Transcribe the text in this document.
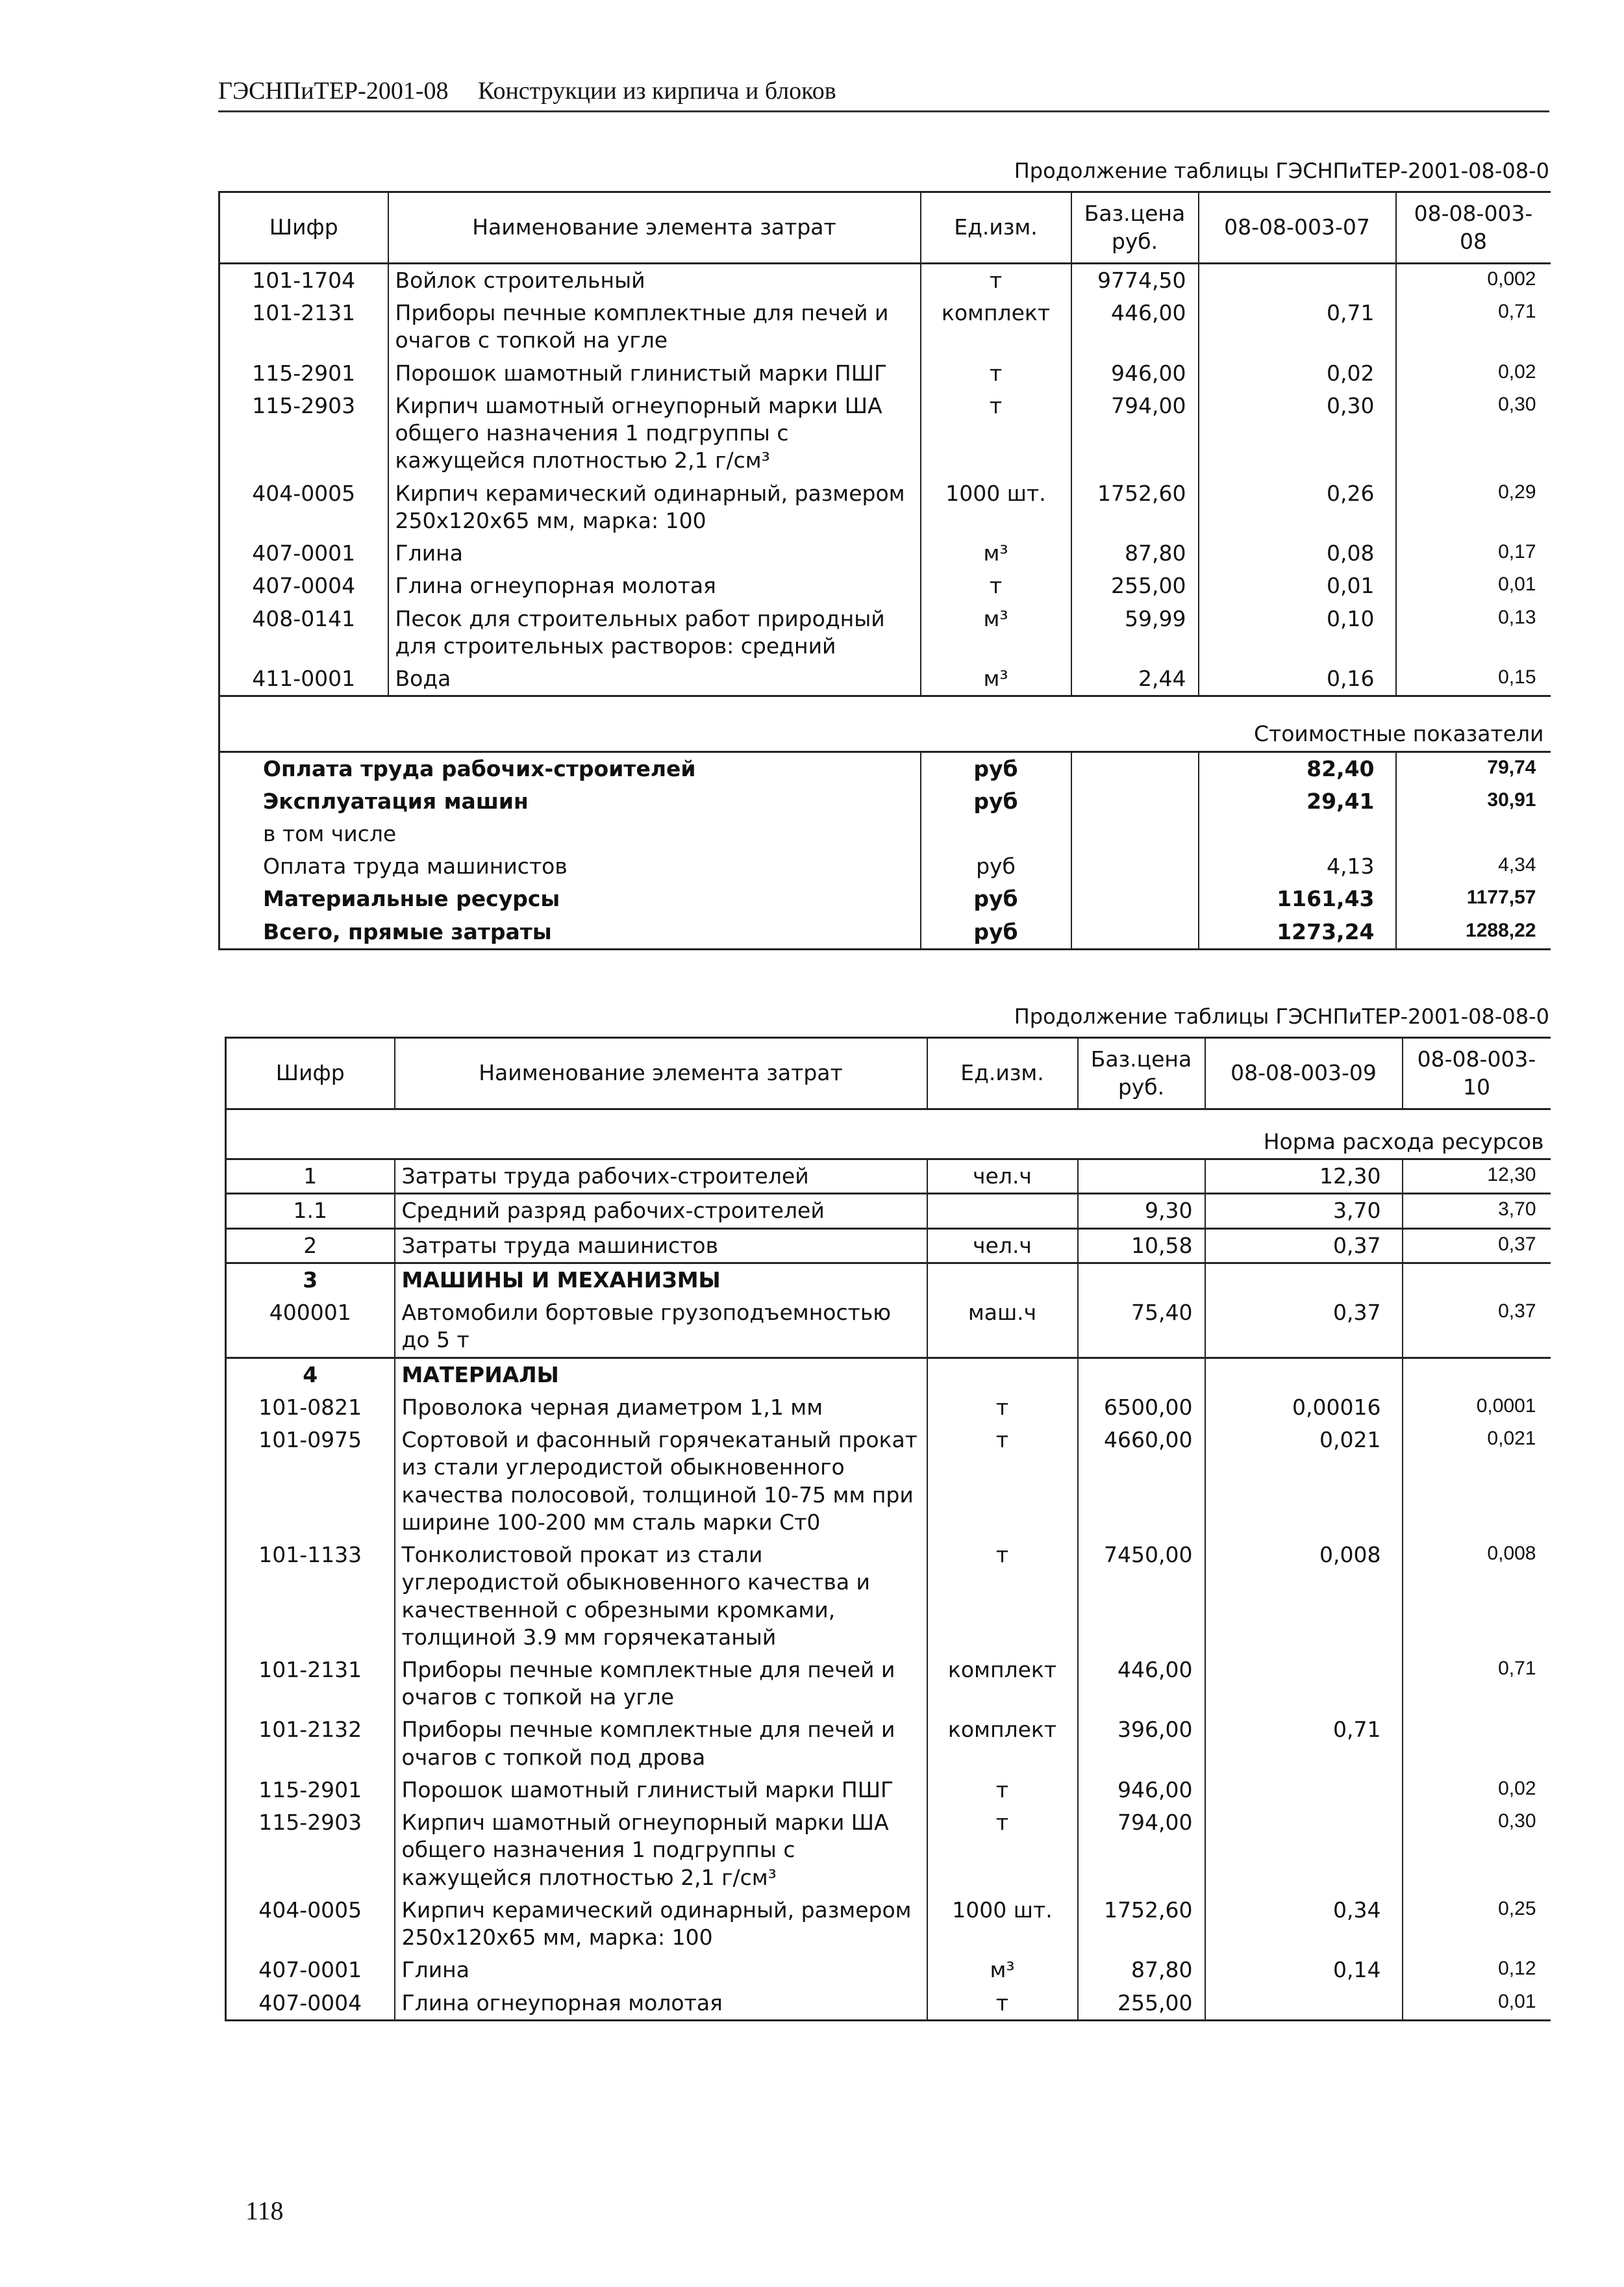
ГЭСНПиТЕР-2001-08 Конструкции из кирпича и блоков
Продолжение таблицы ГЭСНПиТЕР-2001-08-08-0
Шифр	Наименование элемента затрат	Ед.изм.	Баз.цена руб.	08-08-003-07	08-08-003-08
101-1704	Войлок строительный	т	9774,50		0,002
101-2131	Приборы печные комплектные для печей и очагов с топкой на угле	комплект	446,00	0,71	0,71
115-2901	Порошок шамотный глинистый марки ПШГ	т	946,00	0,02	0,02
115-2903	Кирпич шамотный огнеупорный марки ША общего назначения 1 подгруппы с кажущейся плотностью 2,1 г/см³	т	794,00	0,30	0,30
404-0005	Кирпич керамический одинарный, размером 250х120х65 мм, марка: 100	1000 шт.	1752,60	0,26	0,29
407-0001	Глина	м³	87,80	0,08	0,17
407-0004	Глина огнеупорная молотая	т	255,00	0,01	0,01
408-0141	Песок для строительных работ природный для строительных растворов: средний	м³	59,99	0,10	0,13
411-0001	Вода	м³	2,44	0,16	0,15
Стоимостные показатели					
Оплата труда рабочих-строителей		руб		82,40	79,74
Эксплуатация машин		руб		29,41	30,91
в том числе					
Оплата труда машинистов		руб		4,13	4,34
Материальные ресурсы		руб		1161,43	1177,57
Всего, прямые затраты		руб		1273,24	1288,22
Продолжение таблицы ГЭСНПиТЕР-2001-08-08-0
Шифр	Наименование элемента затрат	Ед.изм.	Баз.цена руб.	08-08-003-09	08-08-003-10
Норма расхода ресурсов					
1	Затраты труда рабочих-строителей	чел.ч		12,30	12,30
1.1	Средний разряд рабочих-строителей		9,30	3,70	3,70
2	Затраты труда машинистов	чел.ч	10,58	0,37	0,37
3	МАШИНЫ И МЕХАНИЗМЫ				
400001	Автомобили бортовые грузоподъемностью до 5 т	маш.ч	75,40	0,37	0,37
4	МАТЕРИАЛЫ				
101-0821	Проволока черная диаметром 1,1 мм	т	6500,00	0,00016	0,0001
101-0975	Сортовой и фасонный горячекатаный прокат из стали углеродистой обыкновенного качества полосовой, толщиной 10-75 мм при ширине 100-200 мм сталь марки Ст0	т	4660,00	0,021	0,021
101-1133	Тонколистовой прокат из стали углеродистой обыкновенного качества и качественной с обрезными кромками, толщиной 3.9 мм горячекатаный	т	7450,00	0,008	0,008
101-2131	Приборы печные комплектные для печей и очагов с топкой на угле	комплект	446,00		0,71
101-2132	Приборы печные комплектные для печей и очагов с топкой под дрова	комплект	396,00	0,71	
115-2901	Порошок шамотный глинистый марки ПШГ	т	946,00		0,02
115-2903	Кирпич шамотный огнеупорный марки ША общего назначения 1 подгруппы с кажущейся плотностью 2,1 г/см³	т	794,00		0,30
404-0005	Кирпич керамический одинарный, размером 250х120х65 мм, марка: 100	1000 шт.	1752,60	0,34	0,25
407-0001	Глина	м³	87,80	0,14	0,12
407-0004	Глина огнеупорная молотая	т	255,00		0,01
118
